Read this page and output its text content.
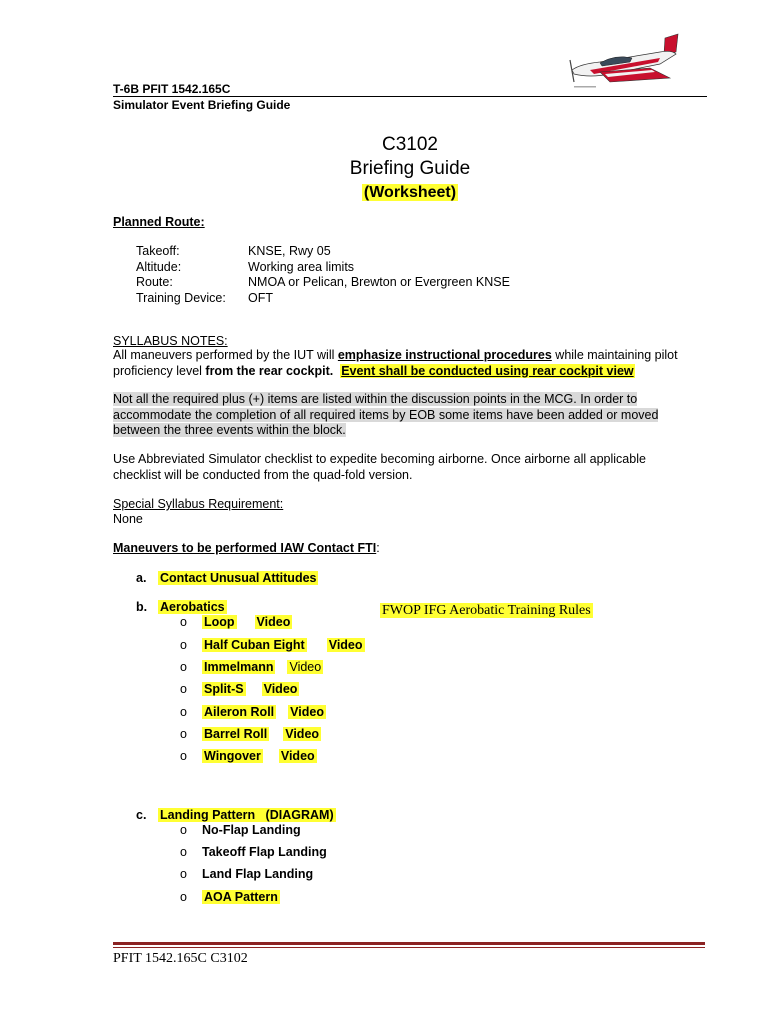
T-6B PFIT 1542.165C
Simulator Event Briefing Guide
C3102
Briefing Guide
(Worksheet)
Planned Route:
Takeoff:	KNSE, Rwy 05
Altitude:	Working area limits
Route:	NMOA or Pelican, Brewton or Evergreen KNSE
Training Device: OFT
SYLLABUS NOTES:
All maneuvers performed by the IUT will emphasize instructional procedures while maintaining pilot
proficiency level from the rear cockpit. Event shall be conducted using rear cockpit view
Not all the required plus (+) items are listed within the discussion points in the MCG. In order to
accommodate the completion of all required items by EOB some items have been added or moved
between the three events within the block.
Use Abbreviated Simulator checklist to expedite becoming airborne. Once airborne all applicable
checklist will be conducted from the quad-fold version.
Special Syllabus Requirement:
None
Maneuvers to be performed IAW Contact FTI:
a. Contact Unusual Attitudes
b. Aerobatics	FWOP IFG Aerobatic Training Rules
o Loop Video
o Half Cuban Eight Video
o Immelmann Video
o Split-S Video
o Aileron Roll Video
o Barrel Roll Video
o Wingover Video
c. Landing Pattern   (DIAGRAM)
o No-Flap Landing
o Takeoff Flap Landing
o Land Flap Landing
o AOA Pattern
PFIT 1542.165C C3102
